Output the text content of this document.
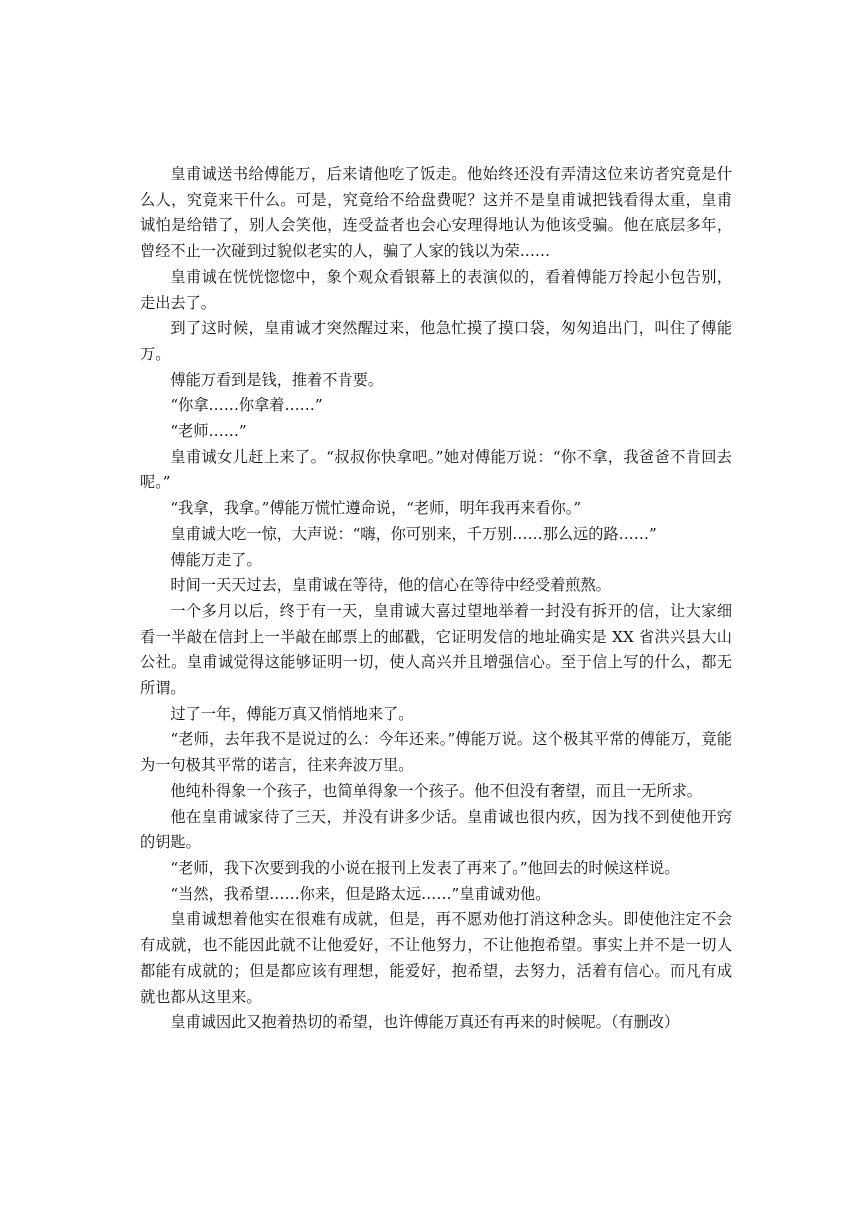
皇甫诚送书给傅能万，后来请他吃了饭走。他始终还没有弄清这位来访者究竟是什么人，究竟来干什么。可是，究竟给不给盘费呢？这并不是皇甫诚把钱看得太重，皇甫诚怕是给错了，别人会笑他，连受益者也会心安理得地认为他该受骗。他在底层多年，曾经不止一次碰到过貌似老实的人，骗了人家的钱以为荣……

皇甫诚在恍恍惚惚中，象个观众看银幕上的表演似的，看着傅能万拎起小包告别，走出去了。

到了这时候，皇甫诚才突然醒过来，他急忙摸了摸口袋，匆匆追出门，叫住了傅能万。

傅能万看到是钱，推着不肯要。

“你拿……你拿着……”

“老师……”

皇甫诚女儿赶上来了。“叔叔你快拿吧。”她对傅能万说：“你不拿，我爸爸不肯回去呢。”

“我拿，我拿。”傅能万慌忙遵命说，“老师，明年我再来看你。”

皇甫诚大吃一惊，大声说：“嗨，你可别来，千万别……那么远的路……”

傅能万走了。

时间一天天过去，皇甫诚在等待，他的信心在等待中经受着煎熬。

一个多月以后，终于有一天，皇甫诚大喜过望地举着一封没有拆开的信，让大家细看一半敲在信封上一半敲在邮票上的邮戳，它证明发信的地址确实是 XX 省洪兴县大山公社。皇甫诚觉得这能够证明一切，使人高兴并且增强信心。至于信上写的什么，都无所谓。

过了一年，傅能万真又悄悄地来了。

“老师，去年我不是说过的么：今年还来。”傅能万说。这个极其平常的傅能万，竟能为一句极其平常的诺言，往来奔波万里。

他纯朴得象一个孩子，也简单得象一个孩子。他不但没有奢望，而且一无所求。

他在皇甫诚家待了三天，并没有讲多少话。皇甫诚也很内疚，因为找不到使他开窍的钥匙。

“老师，我下次要到我的小说在报刊上发表了再来了。”他回去的时候这样说。

“当然，我希望……你来，但是路太远……”皇甫诚劝他。

皇甫诚想着他实在很难有成就，但是，再不愿劝他打消这种念头。即使他注定不会有成就，也不能因此就不让他爱好，不让他努力，不让他抱希望。事实上并不是一切人都能有成就的；但是都应该有理想，能爱好，抱希望，去努力，活着有信心。而凡有成就也都从这里来。

皇甫诚因此又抱着热切的希望，也许傅能万真还有再来的时候呢。（有删改）
